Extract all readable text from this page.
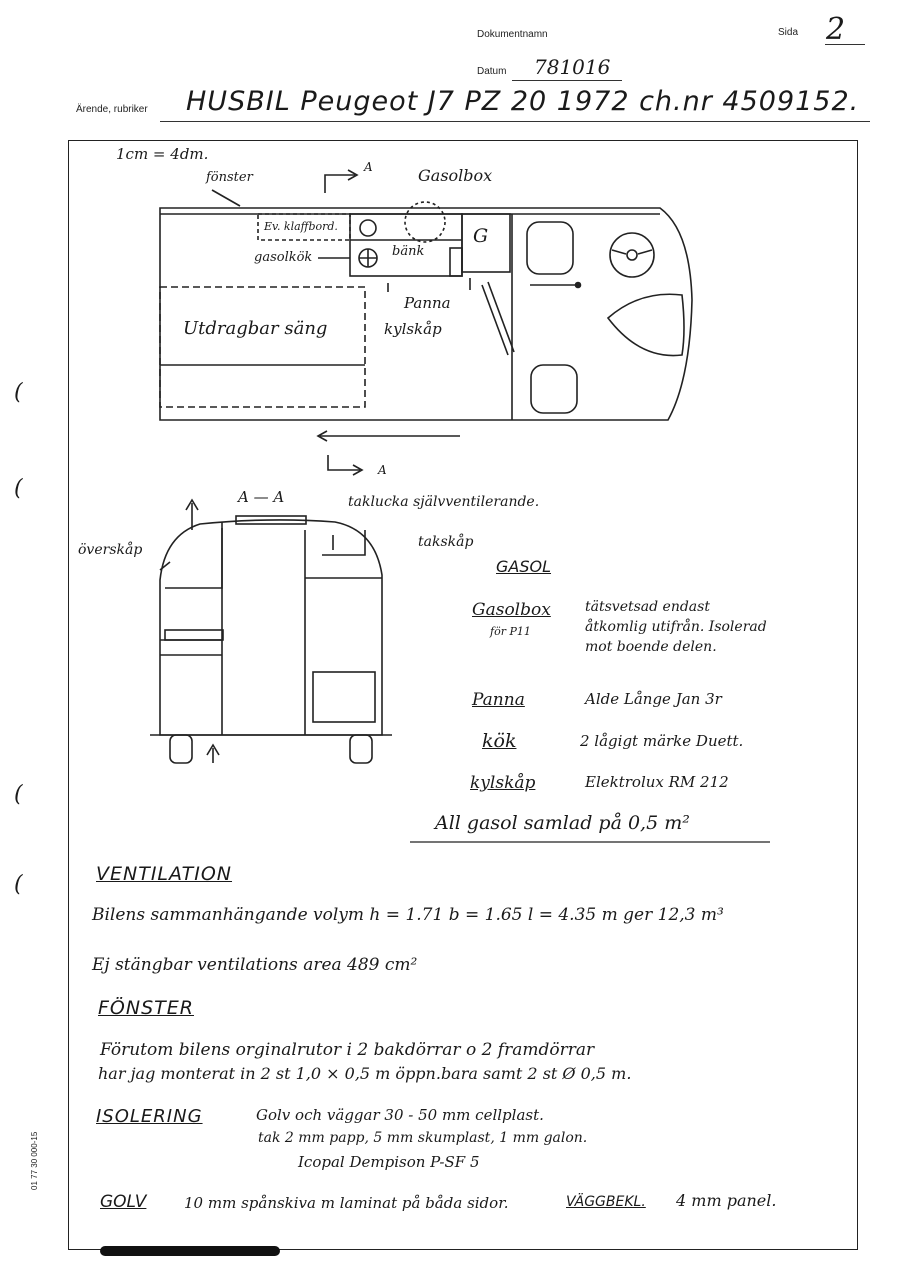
Dokumentnamn	Sida 2
Datum 781016
Ärende, rubriker HUSBIL Peugeot J7 PZ 20 1972 ch.nr 4509152.
(
(
(
(
01 77 30 000-15
1cm = 4dm.
fönster
A	Gasolbox
Ev. klaffbord.
gasolkök	bänk
G
Panna
Utdragbar säng	kylskåp
A
A — A	taklucka självventilerande.
överskåp	takskåp
GASOL
Gasolbox
för P11
tätsvetsad endast
åtkomlig utifrån. Isolerad
mot boende delen.
Panna	Alde Långe Jan 3r
kök	2 lågigt märke Duett.
kylskåp	Elektrolux RM 212
All gasol samlad på 0,5 m²
VENTILATION
Bilens sammanhängande volym h = 1.71 b = 1.65 l = 4.35 m ger 12,3 m³
Ej stängbar ventilations area 489 cm²
FÖNSTER
Förutom bilens orginalrutor i 2 bakdörrar o 2 framdörrar
har jag monterat in 2 st 1,0 × 0,5 m öppn.bara samt 2 st Ø 0,5 m.
ISOLERING	Golv och väggar 30 - 50 mm cellplast.
tak 2 mm papp, 5 mm skumplast, 1 mm galon.
Icopal Dempison P-SF 5
GOLV	10 mm spånskiva m laminat på båda sidor.	VÄGGBEKL. 4 mm panel.
